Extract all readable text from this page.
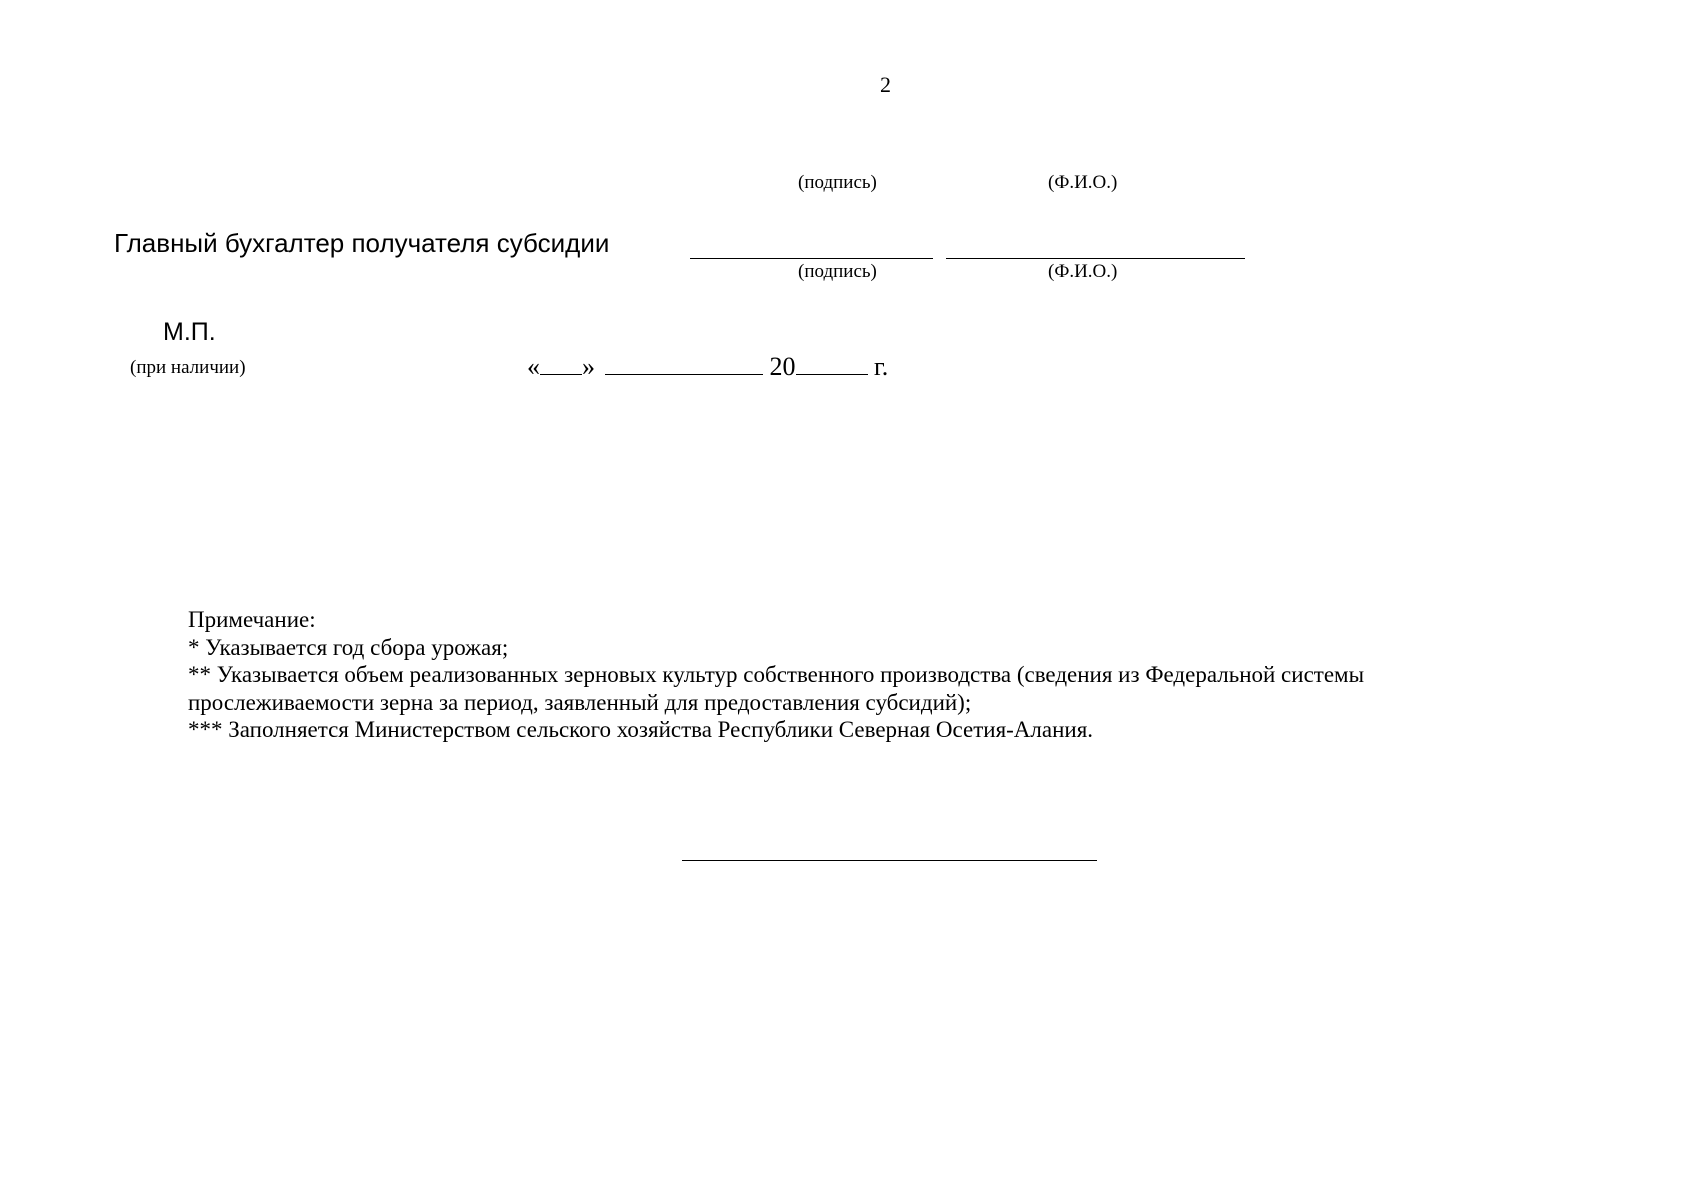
2
(подпись)	(Ф.И.О.)
Главный бухгалтер получателя субсидии
(подпись)	(Ф.И.О.)
М.П.
(при наличии)	« »	20	г.
Примечание:
* Указывается год сбора урожая;
** Указывается объем реализованных зерновых культур собственного производства (сведения из Федеральной системы
прослеживаемости зерна за период, заявленный для предоставления субсидий);
*** Заполняется Министерством сельского хозяйства Республики Северная Осетия-Алания.
